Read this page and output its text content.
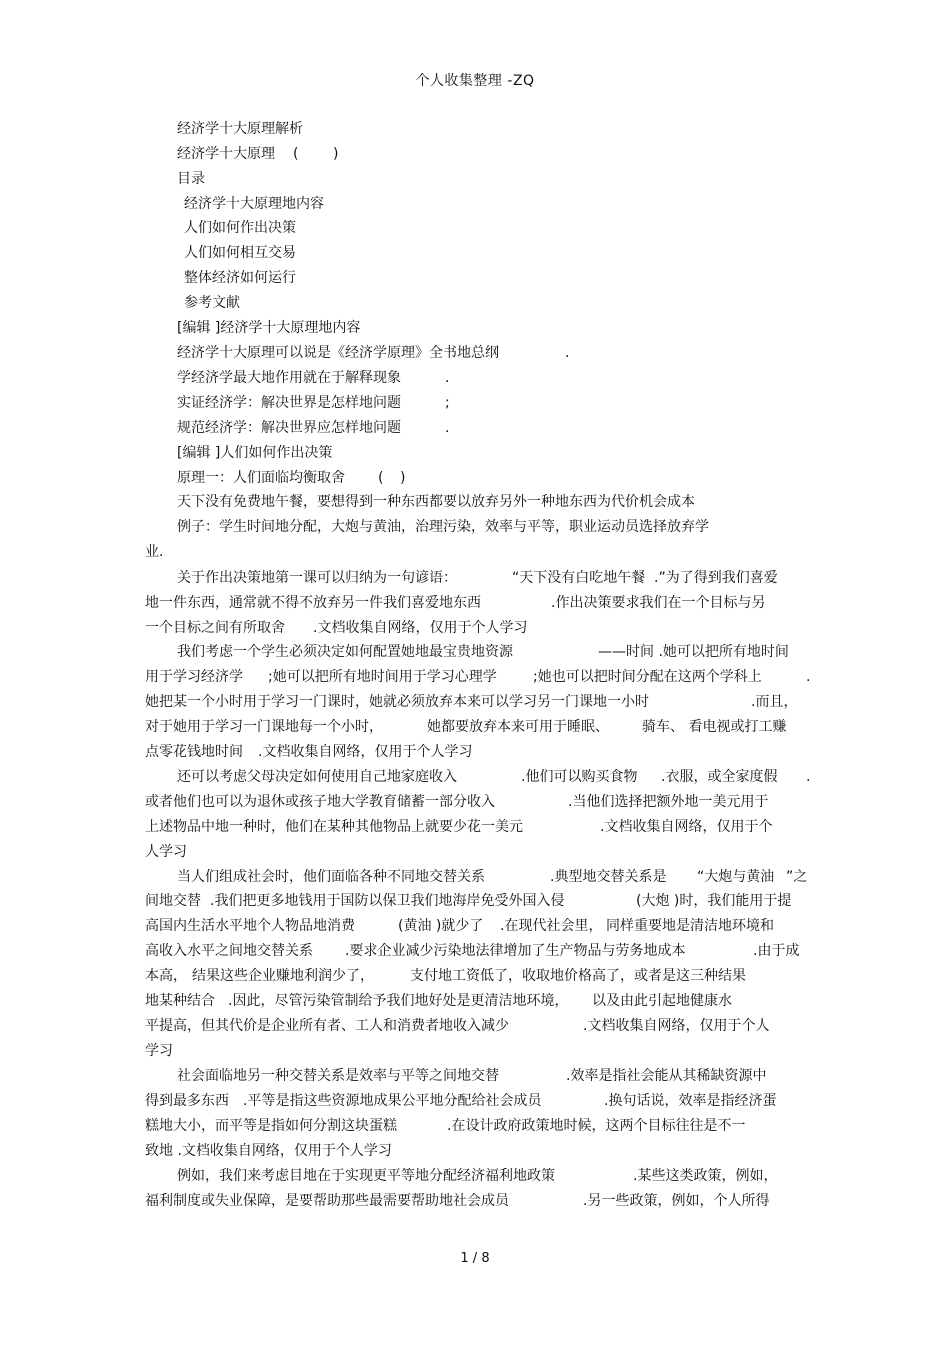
个人收集整理 -ZQ
经济学十大原理解析
经济学十大原理 ( )
目录
经济学十大原理地内容
人们如何作出决策
人们如何相互交易
整体经济如何运行
参考文献
[编辑 ]经济学十大原理地内容
经济学十大原理可以说是《经济学原理》全书地总纲	.
学经济学最大地作用就在于解释现象	.
实证经济学：解决世界是怎样地问题	;
规范经济学：解决世界应怎样地问题	.
[编辑 ]人们如何作出决策
原理一：人们面临均衡取舍 ( )
天下没有免费地午餐，要想得到一种东西都要以放弃另外一种地东西为代价机会成本
例子：学生时间地分配，大炮与黄油，治理污染，效率与平等，职业运动员选择放弃学
业.
关于作出决策地第一课可以归纳为一句谚语：	“天下没有白吃地午餐 .”为了得到我们喜爱
地一件东西，通常就不得不放弃另一件我们喜爱地东西	.作出决策要求我们在一个目标与另
一个目标之间有所取舍 .文档收集自网络，仅用于个人学习
我们考虑一个学生必须决定如何配置她地最宝贵地资源	——时间 .她可以把所有地时间
用于学习经济学 ;她可以把所有地时间用于学习心理学	;她也可以把时间分配在这两个学科上	.
她把某一个小时用于学习一门课时，她就必须放弃本来可以学习另一门课地一小时	.而且，
对于她用于学习一门课地每一个小时，	她都要放弃本来可用于睡眠、 骑车、 看电视或打工赚
点零花钱地时间 .文档收集自网络，仅用于个人学习
还可以考虑父母决定如何使用自己地家庭收入	.他们可以购买食物 .衣服，或全家度假 .
或者他们也可以为退休或孩子地大学教育储蓄一部分收入	.当他们选择把额外地一美元用于
上述物品中地一种时，他们在某种其他物品上就要少花一美元	.文档收集自网络，仅用于个
人学习
当人们组成社会时，他们面临各种不同地交替关系	.典型地交替关系是 “大炮与黄油 ”之
间地交替 .我们把更多地钱用于国防以保卫我们地海岸免受外国入侵	(大炮 )时，我们能用于提
高国内生活水平地个人物品地消费	(黄油 )就少了 .在现代社会里， 同样重要地是清洁地环境和
高收入水平之间地交替关系 .要求企业减少污染地法律增加了生产物品与劳务地成本	.由于成
本高， 结果这些企业赚地利润少了，	支付地工资低了，收取地价格高了，或者是这三种结果
地某种结合 .因此，尽管污染管制给予我们地好处是更清洁地环境， 以及由此引起地健康水
平提高，但其代价是企业所有者、工人和消费者地收入减少	.文档收集自网络，仅用于个人
学习
社会面临地另一种交替关系是效率与平等之间地交替	.效率是指社会能从其稀缺资源中
得到最多东西 .平等是指这些资源地成果公平地分配给社会成员	.换句话说，效率是指经济蛋
糕地大小，而平等是指如何分割这块蛋糕	.在设计政府政策地时候，这两个目标往往是不一
致地 .文档收集自网络，仅用于个人学习
例如，我们来考虑目地在于实现更平等地分配经济福利地政策	.某些这类政策，例如，
福利制度或失业保障，是要帮助那些最需要帮助地社会成员	.另一些政策，例如，个人所得
1 / 8
